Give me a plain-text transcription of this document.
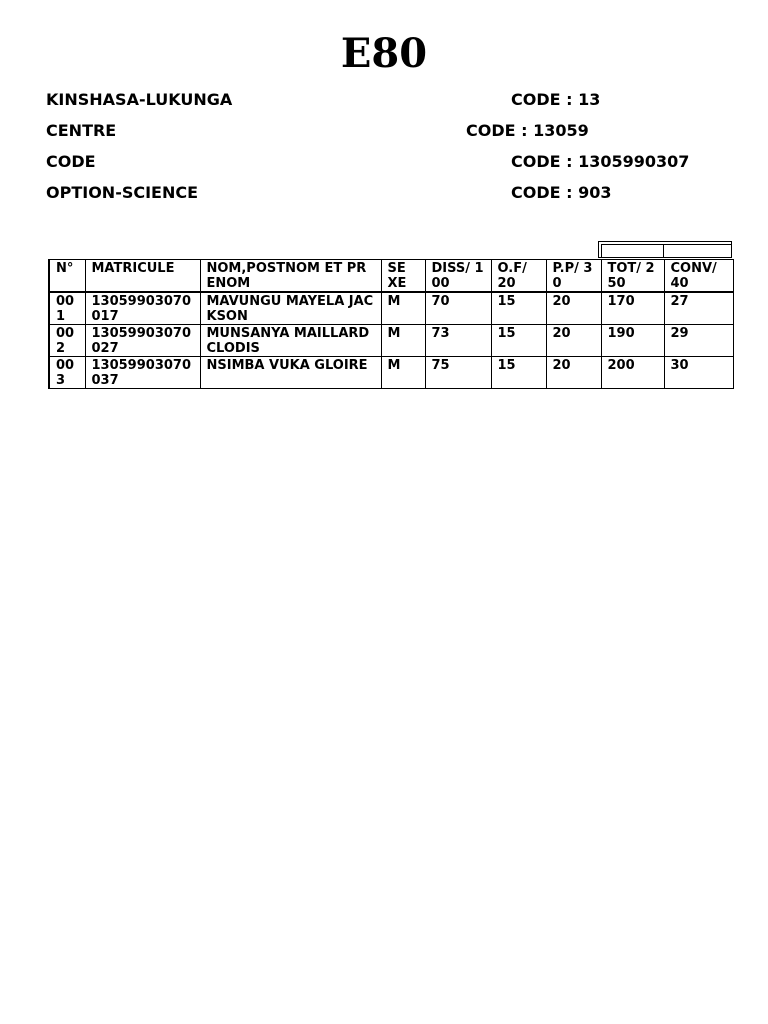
E80
KINSHASA-LUKUNGA	CODE : 13
CENTRE	CODE : 13059
CODE	CODE : 1305990307
OPTION-SCIENCE	CODE : 903
N°	MATRICULE	NOM,POSTNOM ET PRENOM	SE XE	DISS/ 100	O.F/ 20	P.P/ 30	TOT/ 250	CONV/ 40
001	13059903070017	MAVUNGU MAYELA JACKSON	M	70	15	20	170	27
002	13059903070027	MUNSANYA MAILLARD CLODIS	M	73	15	20	190	29
003	13059903070037	NSIMBA VUKA GLOIRE	M	75	15	20	200	30
